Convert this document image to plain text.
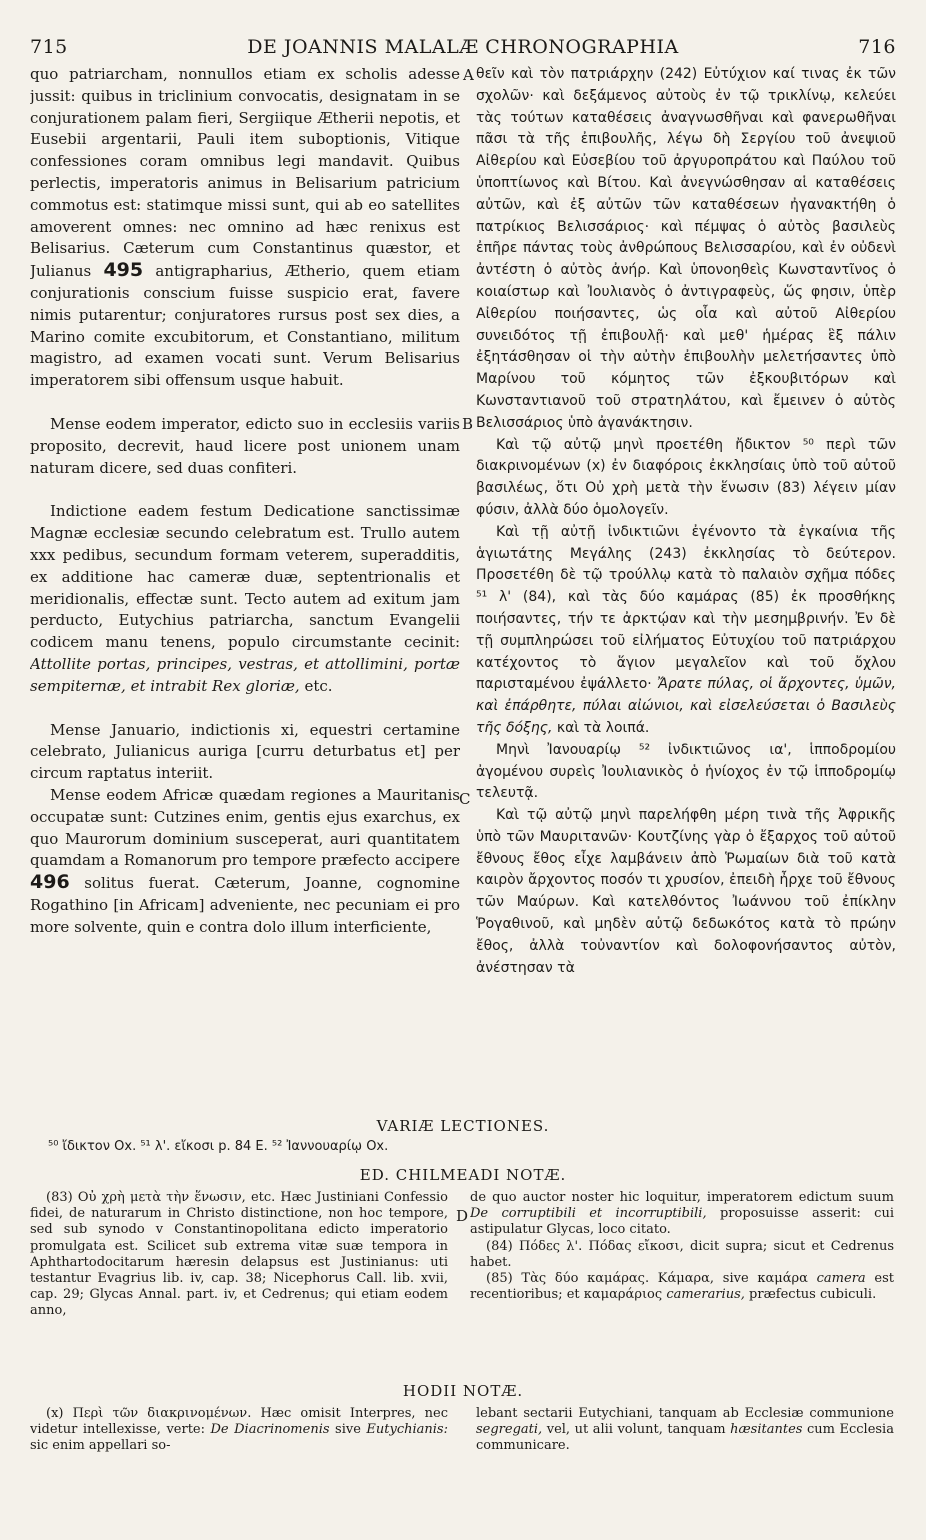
715	DE JOANNIS MALALÆ CHRONOGRAPHIA	716
A
B
C
D

quo patriarcham, nonnullos etiam ex scholis adesse jussit: quibus in triclinium convocatis, designatam in se conjurationem palam fieri, Sergiique Ætherii nepotis, et Eusebii argentarii, Pauli item suboptionis, Vitique confessiones coram omnibus legi mandavit. Quibus perlectis, imperatoris animus in Belisarium patricium commotus est: statimque missi sunt, qui ab eo satellites amoverent omnes: nec omnino ad hæc renixus est Belisarius. Cæterum cum Constantinus quæstor, et Julianus 495 antigrapharius, Ætherio, quem etiam conjurationis conscium fuisse suspicio erat, favere nimis putarentur; conjuratores rursus post sex dies, a Marino comite excubitorum, et Constantiano, militum magistro, ad examen vocati sunt. Verum Belisarius imperatorem sibi offensum usque habuit.

Mense eodem imperator, edicto suo in ecclesiis variis proposito, decrevit, haud licere post unionem unam naturam dicere, sed duas confiteri.

Indictione eadem festum Dedicatione sanctissimæ Magnæ ecclesiæ secundo celebratum est. Trullo autem xxx pedibus, secundum formam veterem, superadditis, ex additione hac cameræ duæ, septentrionalis et meridionalis, effectæ sunt. Tecto autem ad exitum jam perducto, Eutychius patriarcha, sanctum Evangelii codicem manu tenens, populo circumstante cecinit: Attollite portas, principes, vestras, et attollimini, portæ sempiternæ, et intrabit Rex gloriæ, etc.

Mense Januario, indictionis xi, equestri certamine celebrato, Julianicus auriga [curru deturbatus et] per circum raptatus interiit.

Mense eodem Africæ quædam regiones a Mauritanis occupatæ sunt: Cutzines enim, gentis ejus exarchus, ex quo Maurorum dominium susceperat, auri quantitatem quamdam a Romanorum pro tempore præfecto accipere 496 solitus fuerat. Cæterum, Joanne, cognomine Rogathino [in Africam] adveniente, nec pecuniam ei pro more solvente, quin e contra dolo illum interficiente,

θεῖν καὶ τὸν πατριάρχην (242) Εὐτύχιον καί τινας ἐκ τῶν σχολῶν· καὶ δεξάμενος αὐτοὺς ἐν τῷ τρικλίνῳ, κελεύει τὰς τούτων καταθέσεις ἀναγνωσθῆναι καὶ φανερωθῆναι πᾶσι τὰ τῆς ἐπιβουλῆς, λέγω δὴ Σεργίου τοῦ ἀνεψιοῦ Αἰθερίου καὶ Εὐσεβίου τοῦ ἀργυροπράτου καὶ Παύλου τοῦ ὑποπτίωνος καὶ Βίτου. Καὶ ἀνεγνώσθησαν αἱ καταθέσεις αὐτῶν, καὶ ἐξ αὐτῶν τῶν καταθέσεων ἠγανακτήθη ὁ πατρίκιος Βελισσάριος· καὶ πέμψας ὁ αὐτὸς βασιλεὺς ἐπῆρε πάντας τοὺς ἀνθρώπους Βελισσαρίου, καὶ ἐν οὐδενὶ ἀντέστη ὁ αὐτὸς ἀνήρ. Καὶ ὑπονοηθεὶς Κωνσταντῖνος ὁ κοιαίστωρ καὶ Ἰουλιανὸς ὁ ἀντιγραφεὺς, ὥς φησιν, ὑπὲρ Αἰθερίου ποιήσαντες, ὡς οἷα καὶ αὐτοῦ Αἰθερίου συνειδότος τῇ ἐπιβουλῇ· καὶ μεθ' ἡμέρας ἓξ πάλιν ἐξητάσθησαν οἱ τὴν αὐτὴν ἐπιβουλὴν μελετήσαντες ὑπὸ Μαρίνου τοῦ κόμητος τῶν ἐξκουβιτόρων καὶ Κωνσταντιανοῦ τοῦ στρατηλάτου, καὶ ἔμεινεν ὁ αὐτὸς Βελισσάριος ὑπὸ ἀγανάκτησιν.

Καὶ τῷ αὐτῷ μηνὶ προετέθη ἤδικτον ⁵⁰ περὶ τῶν διακρινομένων (x) ἐν διαφόροις ἐκκλησίαις ὑπὸ τοῦ αὐτοῦ βασιλέως, ὅτι Οὐ χρὴ μετὰ τὴν ἕνωσιν (83) λέγειν μίαν φύσιν, ἀλλὰ δύο ὁμολογεῖν.

Καὶ τῇ αὐτῇ ἰνδικτιῶνι ἐγένοντο τὰ ἐγκαίνια τῆς ἁγιωτάτης Μεγάλης (243) ἐκκλησίας τὸ δεύτερον. Προσετέθη δὲ τῷ τρούλλῳ κατὰ τὸ παλαιὸν σχῆμα πόδες ⁵¹ λ' (84), καὶ τὰς δύο καμάρας (85) ἐκ προσθήκης ποιήσαντες, τήν τε ἀρκτῴαν καὶ τὴν μεσημβρινήν. Ἐν δὲ τῇ συμπληρώσει τοῦ εἰλήματος Εὐτυχίου τοῦ πατριάρχου κατέχοντος τὸ ἅγιον μεγαλεῖον καὶ τοῦ ὄχλου παρισταμένου ἐψάλλετο· Ἄρατε πύλας, οἱ ἄρχοντες, ὑμῶν, καὶ ἐπάρθητε, πύλαι αἰώνιοι, καὶ εἰσελεύσεται ὁ Βασιλεὺς τῆς δόξης, καὶ τὰ λοιπά.

Μηνὶ Ἰανουαρίῳ ⁵² ἰνδικτιῶνος ια', ἱπποδρομίου ἀγομένου συρεὶς Ἰουλιανικὸς ὁ ἡνίοχος ἐν τῷ ἱπποδρομίῳ τελευτᾷ.

Καὶ τῷ αὐτῷ μηνὶ παρελήφθη μέρη τινὰ τῆς Ἀφρικῆς ὑπὸ τῶν Μαυριτανῶν· Κουτζίνης γὰρ ὁ ἔξαρχος τοῦ αὐτοῦ ἔθνους ἔθος εἶχε λαμβάνειν ἀπὸ Ῥωμαίων διὰ τοῦ κατὰ καιρὸν ἄρχοντος ποσόν τι χρυσίον, ἐπειδὴ ἦρχε τοῦ ἔθνους τῶν Μαύρων. Καὶ κατελθόντος Ἰωάννου τοῦ ἐπίκλην Ῥογαθινοῦ, καὶ μηδὲν αὐτῷ δεδωκότος κατὰ τὸ πρώην ἔθος, ἀλλὰ τοὐναντίον καὶ δολοφονήσαντος αὐτὸν, ἀνέστησαν τὰ

VARIÆ LECTIONES.
⁵⁰ ἴδικτον Ox. ⁵¹ λ'. εἴκοσι p. 84 E. ⁵² Ἰαννουαρίῳ Ox.
ED. CHILMEADI NOTÆ.

(83) Οὐ χρὴ μετὰ τὴν ἕνωσιν, etc. Hæc Justiniani Confessio fidei, de naturarum in Christo distinctione, non hoc tempore, sed sub synodo v Constantinopolitana edicto imperatorio promulgata est. Scilicet sub extrema vitæ suæ tempora in Aphthartodocitarum hæresin delapsus est Justinianus: uti testantur Evagrius lib. iv, cap. 38; Nicephorus Call. lib. xvii, cap. 29; Glycas Annal. part. iv, et Cedrenus; qui etiam eodem anno,

de quo auctor noster hic loquitur, imperatorem edictum suum De corruptibili et incorruptibili, proposuisse asserit: cui astipulatur Glycas, loco citato.

(84) Πόδες λ'. Πόδας εἴκοσι, dicit supra; sicut et Cedrenus habet.

(85) Τὰς δύο καμάρας. Κάμαρα, sive καμάρα camera est recentioribus; et καμαράριος camerarius, præfectus cubiculi.

HODII NOTÆ.

(x) Περὶ τῶν διακρινομένων. Hæc omisit Interpres, nec videtur intellexisse, verte: De Diacrinomenis sive Eutychianis: sic enim appellari so-

lebant sectarii Eutychiani, tanquam ab Ecclesiæ communione segregati, vel, ut alii volunt, tanquam hæsitantes cum Ecclesia communicare.
